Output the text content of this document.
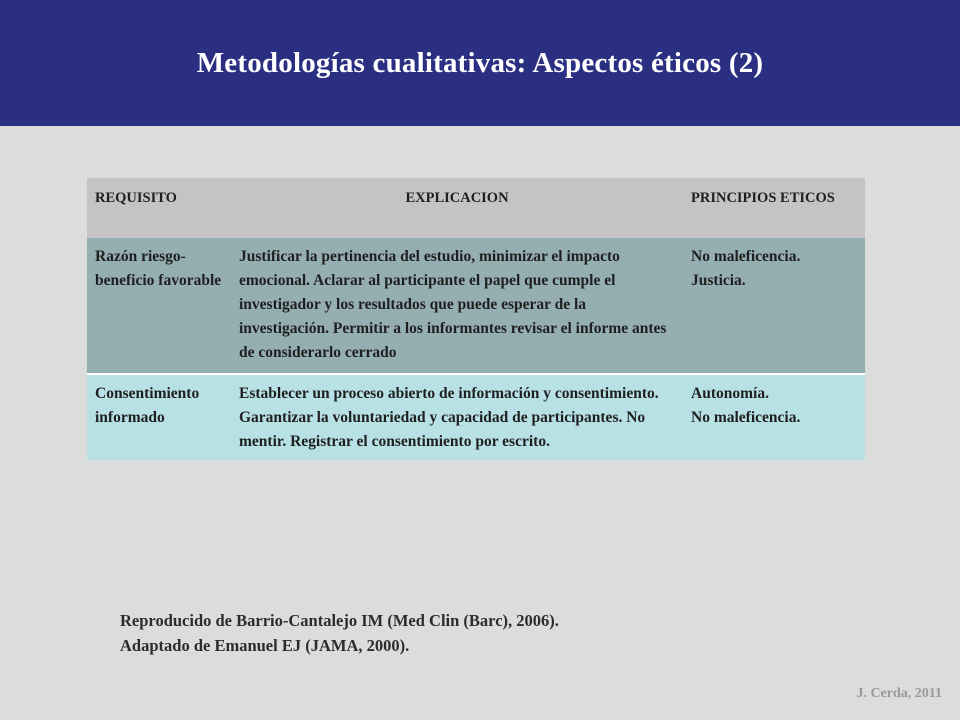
Metodologías cualitativas: Aspectos éticos (2)
REQUISITO	EXPLICACION	PRINCIPIOS ETICOS
Razón riesgo-beneficio favorable	Justificar la pertinencia del estudio, minimizar el impacto emocional. Aclarar al participante el papel que cumple el investigador y los resultados que puede esperar de la investigación. Permitir a los informantes revisar el informe antes de considerarlo cerrado	No maleficencia.
Justicia.

Consentimiento informado	Establecer un proceso abierto de información y consentimiento. Garantizar la voluntariedad y capacidad de participantes. No mentir. Registrar el consentimiento por escrito.	Autonomía.
No maleficencia.
Reproducido de Barrio-Cantalejo IM (Med Clin (Barc), 2006).
Adaptado de Emanuel EJ (JAMA, 2000).
J. Cerda, 2011
